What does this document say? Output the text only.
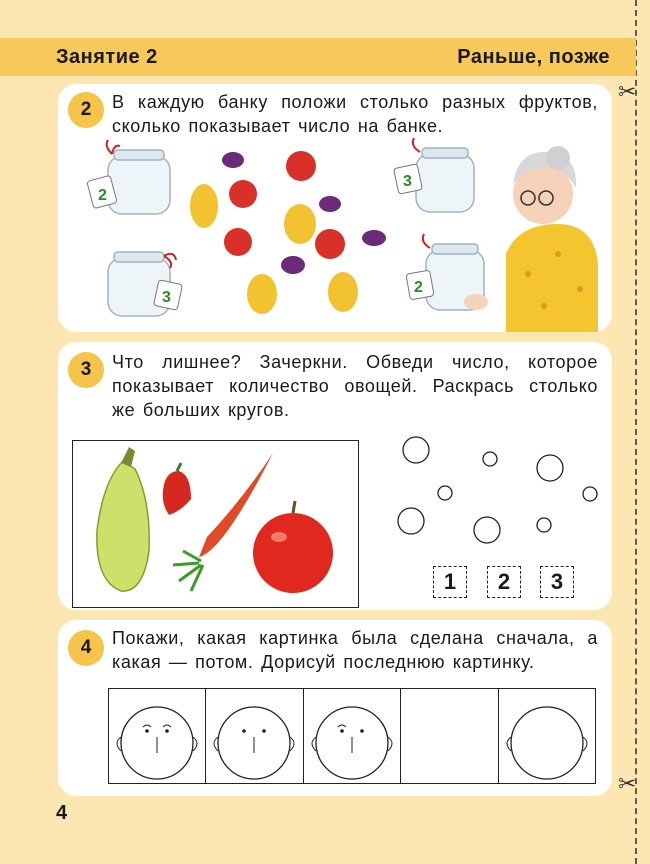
✂
✂
Занятие 2	Раньше, позже
2	В каждую банку положи столько разных фруктов, сколько показывает число на банке.
2
3
3
2
3	Что лишнее? Зачеркни. Обведи число, которое показывает количество овощей. Раскрась столько же больших кругов.
1	2	3
4	Покажи, какая картинка была сделана сначала, а какая — потом. Дорисуй последнюю картинку.
4
